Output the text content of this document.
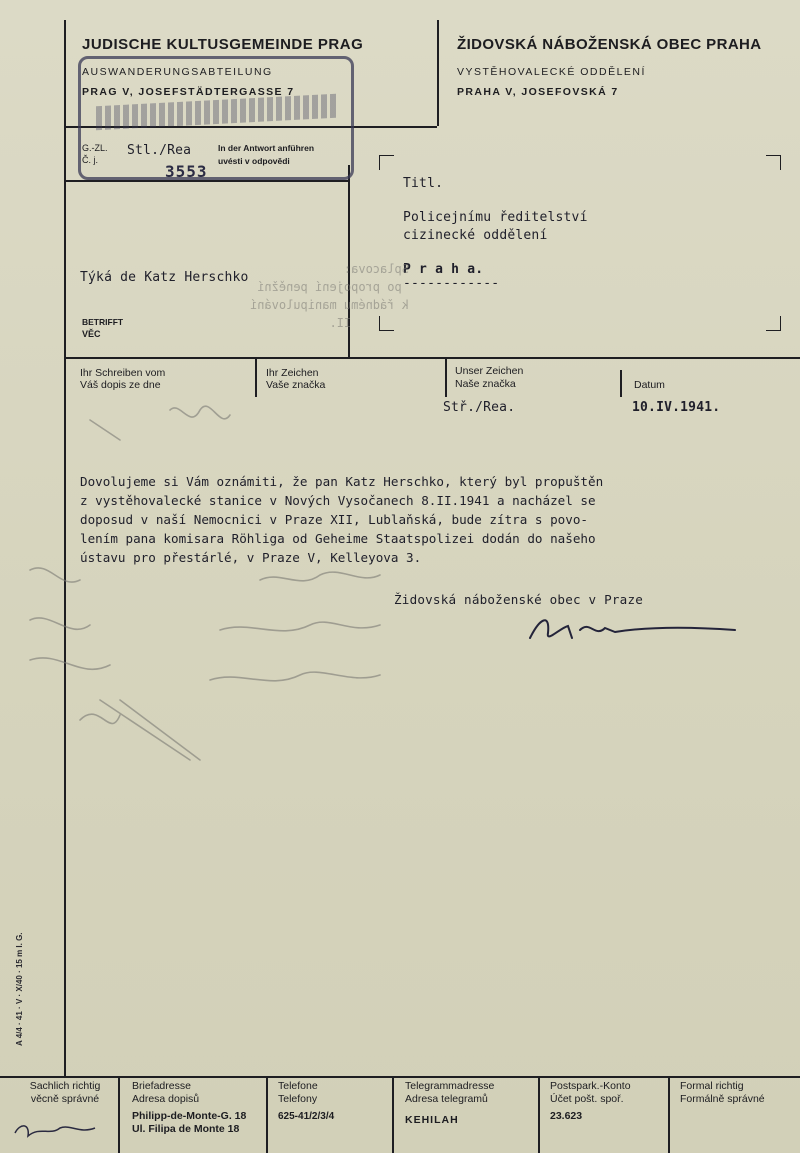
JUDISCHE KULTUSGEMEINDE PRAG
AUSWANDERUNGSABTEILUNG
PRAG V, JOSEFSTÄDTERGASSE 7
ŽIDOVSKÁ NÁBOŽENSKÁ OBEC PRAHA
VYSTĚHOVALECKÉ ODDĚLENÍ
PRAHA V, JOSEFOVSKÁ 7
G.-ZL.
Č. j.
Stl./Rea
3553
In der Antwort anführen
uvésti v odpovědi
Titl.
Policejnímu ředitelství
cizinecké oddělení
P r a h a.
------------
Týká de Katz Herschko
BETRIFFT
VĚC
Splacova:
po propojení peněžní
k řádnému manipulování
II.
Ihr Schreiben vom
Váš dopis ze dne
Ihr Zeichen
Vaše značka
Unser Zeichen
Naše značka	Datum
Stř./Rea.	10.IV.1941.
Dovolujeme si Vám oznámiti, že pan Katz Herschko, který byl propuštěn
z vystěhovalecké stanice v Nových Vysočanech 8.II.1941 a nacházel se
doposud v naší Nemocnici v Praze XII, Lublaňská, bude zítra s povo-
lením pana komisara Röhliga od Geheime Staatspolizei dodán do našeho
ústavu pro přestárlé, v Praze V, Kelleyova 3.
Židovská náboženské obec v Praze
A 4/4 · 41 · V · X/40 · 15 m I. G.
Sachlich richtig
věcně správné
Briefadresse
Adresa dopisů
Philipp-de-Monte-G. 18
Ul. Filipa de Monte 18
Telefone
Telefony
625-41/2/3/4
Telegrammadresse
Adresa telegramů
KEHILAH
Postspark.-Konto
Účet pošt. spoř.
23.623
Formal richtig
Formálně správné
